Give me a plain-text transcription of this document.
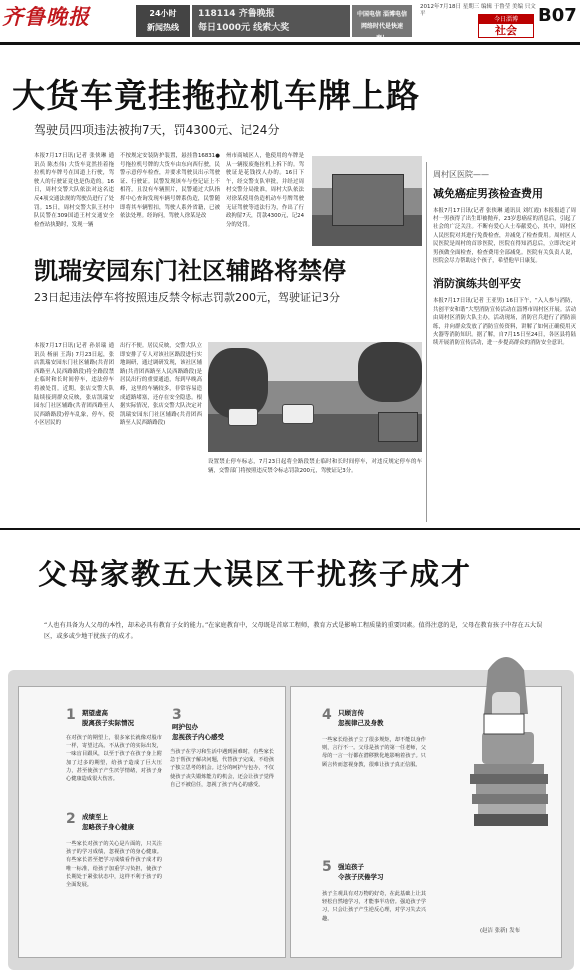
齐鲁晚报	24小时
新闻热线
118114 齐鲁晚报
每日1000元 线索大奖
中国电信 淄博电信
网络时代是快速度！
2012年7月18日 星期三 编辑 于鲁莹 美编 只文平
今日淄博
社会
B07
大货车竟挂拖拉机车牌上路
驾驶员四项违法被拘7天，罚4300元、记24分
本报7月17日讯(记者 张侠琳 通讯员 陈杰伟) 大货车竟然挂着拖拉机的车牌号在国道上行驶，驾驶人的行驶证竟也是伪造的。16日，周村交警大队依法对这名违反4项交通法规的驾驶员进行了处罚。15日，周村交警大队王村中队民警在309国道王村交通安全检查站执勤时，发现一辆
不按规定安装防护装置，悬挂鲁16831●号拖拉机号牌的大货车由东向西行驶，民警示意停车检查，并要求驾驶员出示驾驶证、行驶证。民警发现该车与登记证上不相符，且没有车辆照片，民警通过大队指挥中心查询发现车辆号牌系伪造，民警随即将其车辆暂扣，驾驶人系外省籍，已被依法处理。经询问，驾驶人徐某是改
州市商城区人，他使用的车牌是从一辆报废拖拉机上拆下的。驾驶证是花钱找人办的。16日下午，经交警支队审批，并经过周村交警分局批准，周村大队依法对徐某使用伪造机动车号牌驾驶无证驾驶等违法行为，作出了行政拘留7天，罚款4300元，记24分的处罚。
凯瑞安园东门社区辅路将禁停
23日起违法停车将按照违反禁令标志罚款200元，驾驶证记3分
本报7月17日讯(记者 孙景瑞 通讯员 杨丽 王海) 7月23日起，张店凯瑞安园东门社区辅路(共青团西路至人民西路路段)将全路段禁止临时和长时间停车，违法停车将被处罚。近期，张店交警大队陆续接到群众反映，张店凯瑞安园东门社区辅路(共青团西路至人民西路路段)停车乱象，停车，使小区居民的
出行不便。居民反映，交警大队立即安排了专人对该社区路段进行实地调研，通过调研发现，该社区辅路(共青团西路至人民西路路段)是居民出行的重要通道，每到早晚高峰，这里的车辆较多，非常容易造成道路堵塞，还存在安全隐患。根据实际情况，张店交警大队决定对凯瑞安园东门社区辅路(共青团西路至人民西路路段)
设置禁止停车标志，7月23日起将全路段禁止临时和长时间停车，对违反规定停车的车辆，交警部门将按照违反禁令标志罚款200元，驾驶证记3分。
周村区医院——
减免癌症男孩检查费用
本报7月17日讯(记者 张侠琳 通讯员 刘红霞) 本报报道了周村一男孩得了出生即被抛弃，23岁患癌症的消息后，引起了社会的广泛关注。不断有爱心人士奉献爱心，其中，周村区人民医院对其进行免费检查，并减免了检查费用。周村区人民医院是周村的首诊医院，医院在得知消息后，立即决定对男孩做全面检查，检查费用全部减免。医院有关负责人说，医院会尽力帮助这个孩子，希望他早日康复。
消防演练共创平安
本报7月17日讯(记者 王亚男) 16日下午，“入人参与消防，共创平安和谐”大型消防宣传活动在淄博市周村区开展。活动由周村区消防大队主办，活动现场，消防官兵进行了消防演练，并向群众发放了消防宣传资料，讲解了如何正确使用灭火器等消防知识。据了解，自7月15日至24日，各区县将陆续开展消防宣传活动，进一步提高群众的消防安全意识。
父母家教五大误区干扰孩子成才
“人也有具备为人父母的本性，却未必具有教育子女的能力。”在家庭教育中，父母既是首席工程师，教育方式是影响工程质量的重要因素。值得注意的是，父母在教育孩子中存在五大误区，或多或少地干扰孩子的成才。
1 期望虚高
脱离孩子实际情况
在对孩子的期望上，很多家长就像对股市一样，寄望过高。不从孩子的实际出发，一味盲目跟风，以至于孩子在孩子身上附加了过多的期望，给孩子造成了巨大压力，甚至使孩子产生厌学情绪，对孩子身心健康造成很大伤害。
2 成绩至上
忽略孩子身心健康
一些家长对孩子的关心是片面的，只关注孩子的学习成绩，忽视孩子的身心健康。有些家长甚至把学习成绩看作孩子成才的唯一标准，给孩子加重学习负担，使孩子长期处于紧张状态中，这样不利于孩子的全面发展。
3
呵护包办
忽视孩子内心感受
当孩子在学习和生活中遇到困难时，有些家长急于帮孩子解决问题，代替孩子完成，不给孩子独立思考的机会。过分的呵护与包办，不仅使孩子丧失锻炼能力的机会，还会让孩子觉得自己不被信任，忽视了孩子内心的感受。
4 只顾言传
忽视律己及身教
一些家长给孩子立了很多规矩，却不能以身作则，言行不一。父母是孩子的第一任老师，父母的一言一行都在潜移默化地影响着孩子。只顾言传而忽视身教，很难让孩子真正信服。
5 强迫孩子
令孩子厌倦学习
孩子主观具有对万物的好奇，在此基础上让其轻松自然地学习，才能事半功倍。强迫孩子学习，只会让孩子产生逆反心理，对学习失去兴趣。
(赵洁 张新) 发布
